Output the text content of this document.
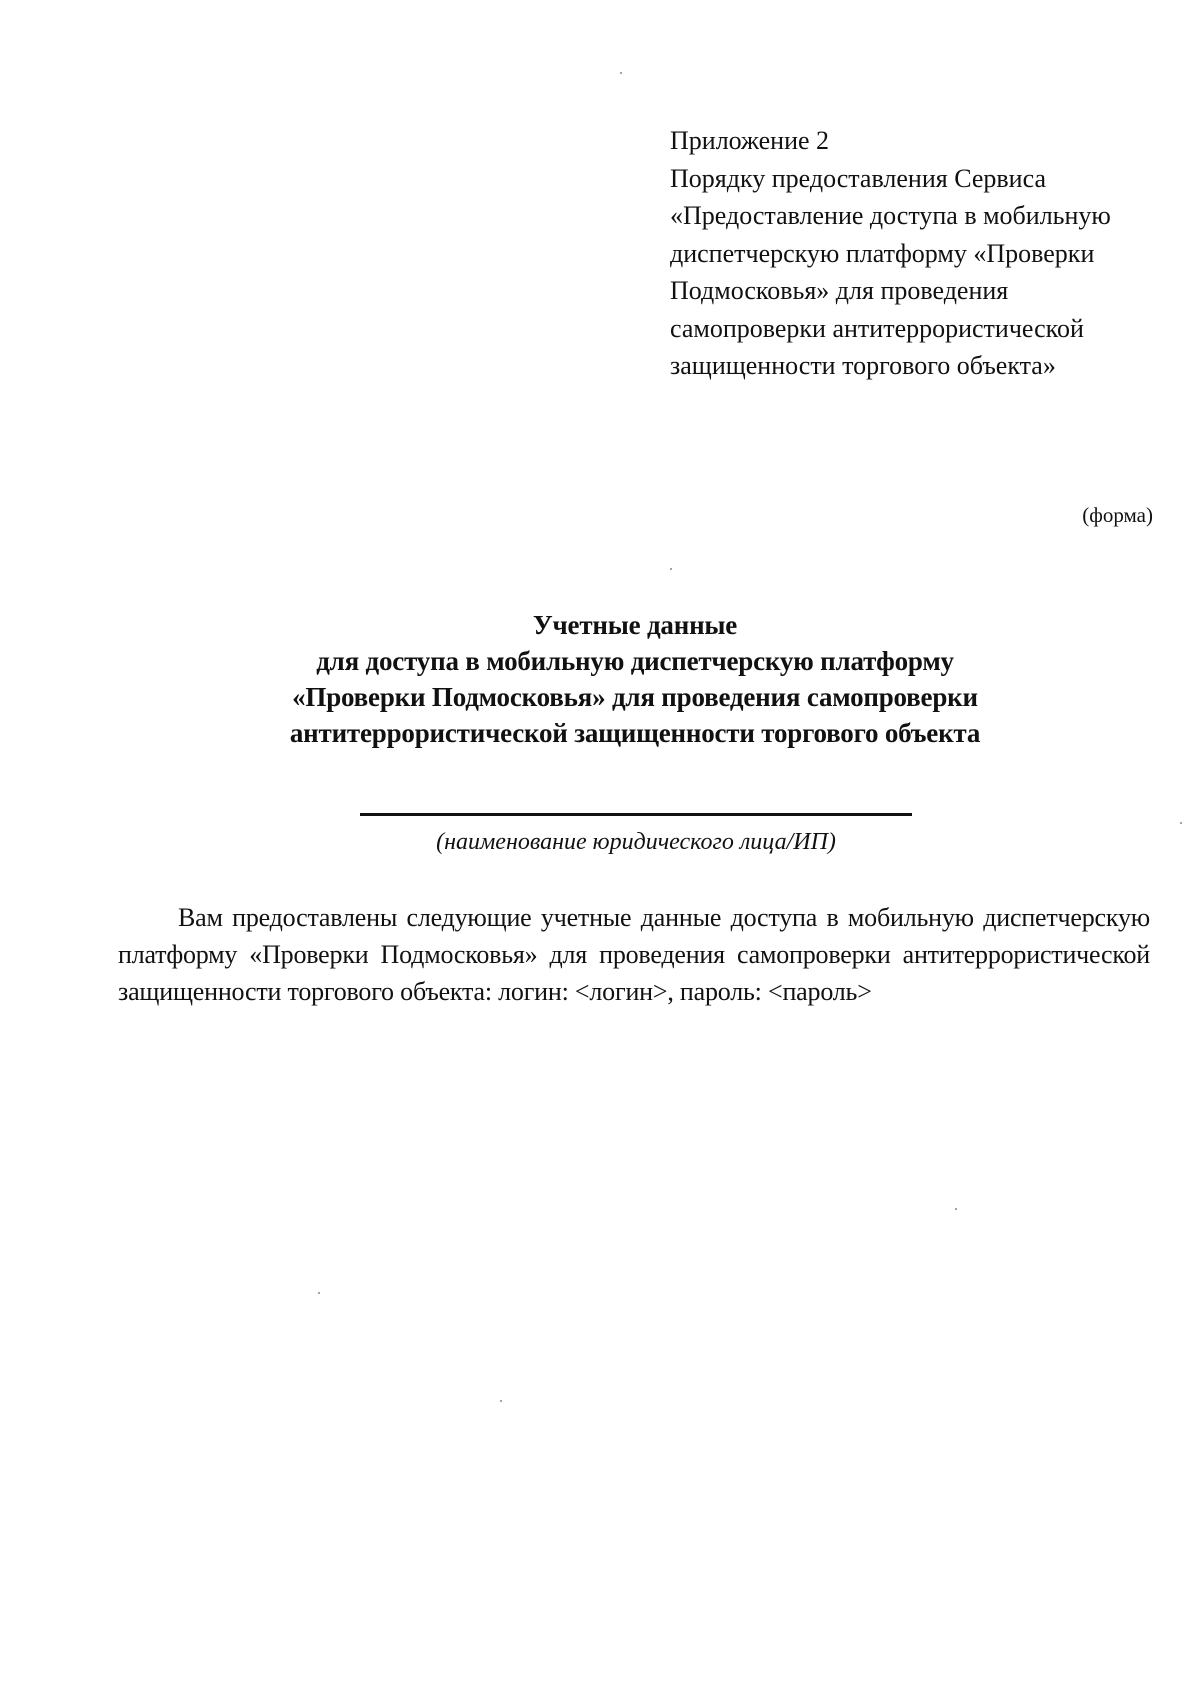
Приложение 2
Порядку предоставления Сервиса
«Предоставление доступа в мобильную
диспетчерскую платформу «Проверки
Подмосковья» для проведения
самопроверки антитеррористической
защищенности торгового объекта»
(форма)
Учетные данные
для доступа в мобильную диспетчерскую платформу
«Проверки Подмосковья» для проведения самопроверки
антитеррористической защищенности торгового объекта
(наименование юридического лица/ИП)
Вам предоставлены следующие учетные данные доступа в мобильную диспетчерскую платформу «Проверки Подмосковья» для проведения самопроверки антитеррористической защищенности торгового объекта: логин: <логин>, пароль: <пароль>
